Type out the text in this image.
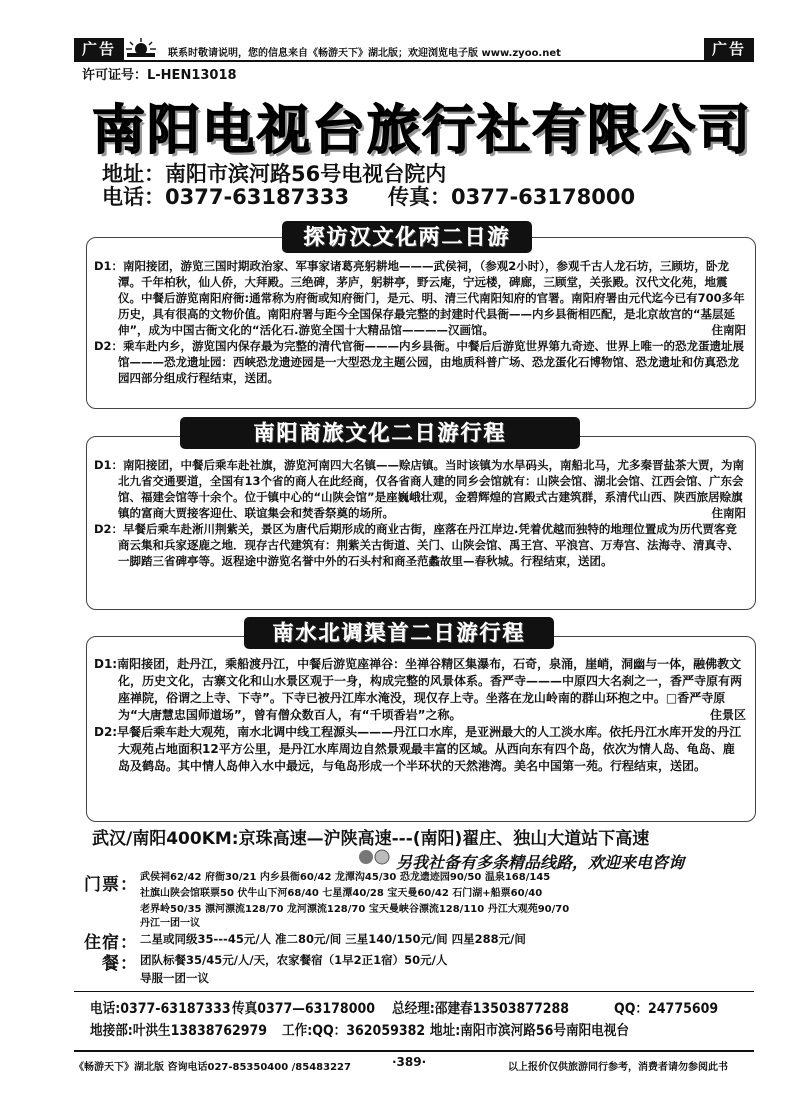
广告	联系时敬请说明，您的信息来自《畅游天下》湖北版；欢迎浏览电子版 www.zyoo.net	广告
许可证号：L-HEN13018
南阳电视台旅行社有限公司
地址：南阳市滨河路56号电视台院内
电话：0377-63187333 传真：0377-63178000
探访汉文化两二日游
D1：南阳接团，游览三国时期政治家、军事家诸葛亮躬耕地———武侯祠，（参观2小时），参观千古人龙石坊，三顾坊，卧龙潭。千年柏秋，仙人侨，大拜殿。三绝碑，茅庐，躬耕亭，野云庵，宁远楼，碑廊，三顾堂，关张殿。汉代文化苑，地震仪。中餐后游览南阳府衙:通常称为府衙或知府衙门，是元、明、清三代南阳知府的官署。南阳府署由元代迄今已有700多年历史，具有很高的文物价值。南阳府署与距今全国保存最完整的封建时代县衙——内乡县衙相匹配，是北京故宫的“基层延伸”，成为中国古衙文化的“活化石.游览全国十大精品馆————汉画馆。	住南阳
D2：乘车赴内乡，游览国内保存最为完整的清代官衙———内乡县衙。中餐后后游览世界第九奇迹、世界上唯一的恐龙蛋遗址展馆———恐龙遗址园：西峡恐龙遗迹园是一大型恐龙主题公园，由地质科普广场、恐龙蛋化石博物馆、恐龙遗址和仿真恐龙园四部分组成行程结束，送团。
南阳商旅文化二日游行程
D1：南阳接团，中餐后乘车赴社旗，游览河南四大名镇——赊店镇。当时该镇为水旱码头，南船北马，尤多秦晋盐茶大贾，为南北九省交通要道，全国有13个省的商人在此经商，仅各省商人建的同乡会馆就有：山陕会馆、湖北会馆、江西会馆、广东会馆、福建会馆等十余个。位于镇中心的“山陕会馆”是座巍峨壮观，金碧辉煌的宫殿式古建筑群，系清代山西、陕西旅居赊旗镇的富商大贾接客迎仕、联谊集会和焚香祭奠的场所。	住南阳
D2：早餐后乘车赴淅川荆紫关，景区为唐代后期形成的商业古街，座落在丹江岸边.凭着优越而独特的地理位置成为历代贾客竞商云集和兵家逐鹿之地．现存古代建筑有：荆紫关古街道、关门、山陕会馆、禹王宫、平浪宫、万寿宫、法海寺、清真寺、一脚踏三省碑亭等。返程途中游览名誉中外的石头村和商圣范蠡故里—春秋城。行程结束，送团。
南水北调渠首二日游行程
D1:南阳接团，赴丹江，乘船渡丹江，中餐后游览座禅谷：坐禅谷精区集瀑布，石奇，泉涌，崖峭，洞幽与一体，融佛教文化，历史文化，古寨文化和山水景区观于一身，构成完整的风景体系。香严寺———中原四大名刹之一，香严寺原有两座禅院，俗谓之上寺、下寺”。下寺已被丹江库水淹没，现仅存上寺。坐落在龙山岭南的群山环抱之中。□香严寺原为“大唐慧忠国师道场”，曾有僧众数百人，有“千顷香岩”之称。	住景区
D2:早餐后乘车赴大观苑，南水北调中线工程源头———丹江口水库，是亚洲最大的人工淡水库。依托丹江水库开发的丹江大观苑占地面积12平方公里，是丹江水库周边自然景观最丰富的区域。从西向东有四个岛，依次为情人岛、龟岛、鹿岛及鹤岛。其中情人岛伸入水中最远，与龟岛形成一个半环状的天然港湾。美名中国第一苑。行程结束，送团。
武汉/南阳400KM:京珠高速—沪陕高速---(南阳)翟庄、独山大道站下高速
另我社备有多条精品线路，欢迎来电咨询
门票： 武侯祠62/42 府衙30/21 内乡县衙60/42 龙潭沟45/30 恐龙遗迹园90/50 温泉168/145
社旗山陕会馆联票50 伏牛山下河68/40 七星潭40/28 宝天曼60/42 石门湖+船票60/40
老界岭50/35 漂河漂流128/70 龙河漂流128/70 宝天曼峡谷漂流128/110 丹江大观苑90/70
丹江一团一议
住宿： 二星或同级35---45元/人 准二80元/间 三星140/150元/间 四星288元/间
餐： 团队标餐35/45元/人/天，农家餐宿（1早2正1宿）50元/人
导服一团一议
电话:0377-63187333 传真0377—63178000 总经理:邵建春13503877288	QQ：24775609
地接部:叶洪生13838762979 工作:QQ：362059382 地址:南阳市滨河路56号南阳电视台
《畅游天下》湖北版 咨询电话027-85350400 /85483227	·389·	以上报价仅供旅游同行参考，消费者请勿参阅此书
